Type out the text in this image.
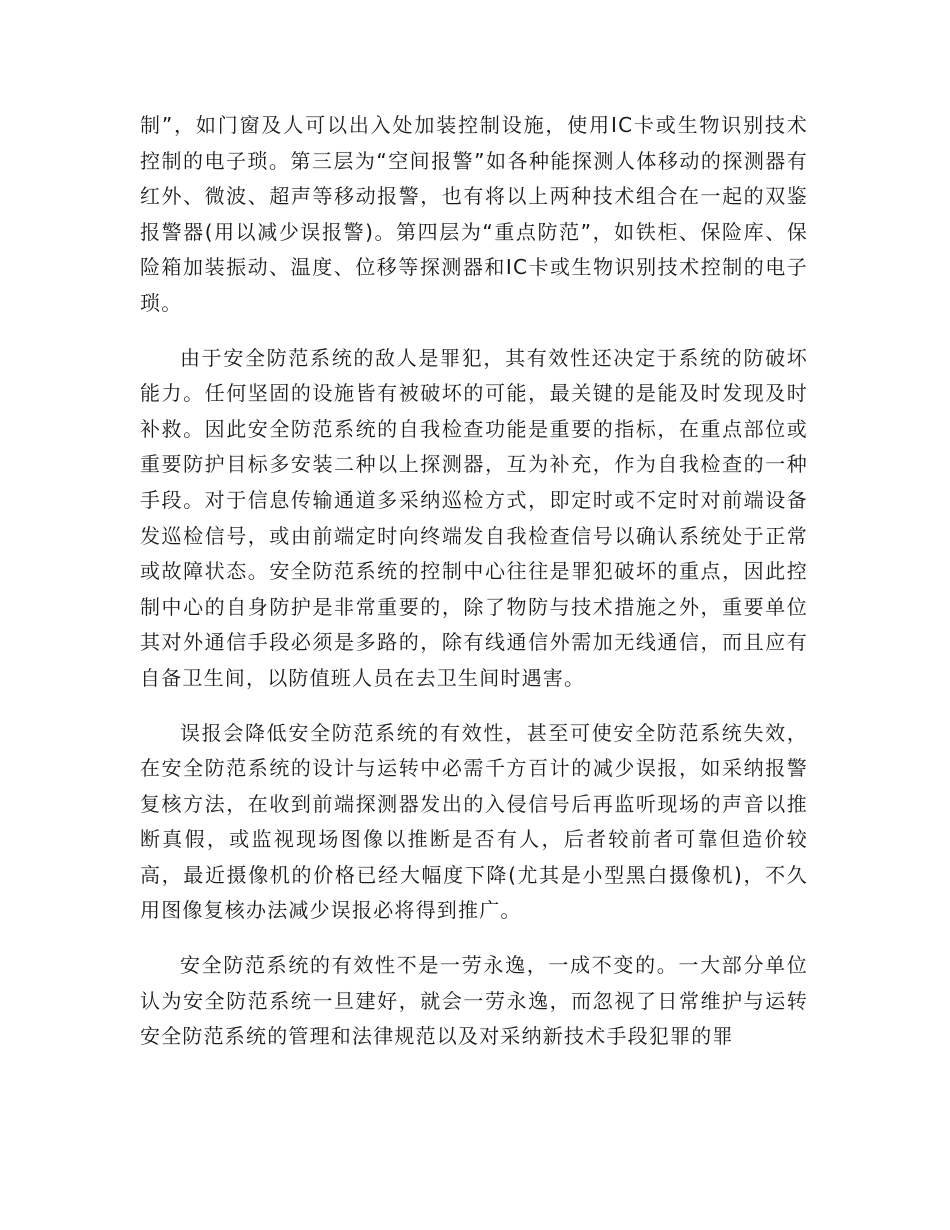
制”，如门窗及人可以出入处加装控制设施，使用IC卡或生物识别技术控制的电子琐。第三层为“空间报警”如各种能探测人体移动的探测器有红外、微波、超声等移动报警，也有将以上两种技术组合在一起的双鉴报警器(用以减少误报警)。第四层为“重点防范”，如铁柜、保险库、保险箱加装振动、温度、位移等探测器和IC卡或生物识别技术控制的电子琐。

由于安全防范系统的敌人是罪犯，其有效性还决定于系统的防破坏能力。任何坚固的设施皆有被破坏的可能，最关键的是能及时发现及时补救。因此安全防范系统的自我检查功能是重要的指标，在重点部位或重要防护目标多安装二种以上探测器，互为补充，作为自我检查的一种手段。对于信息传输通道多采纳巡检方式，即定时或不定时对前端设备发巡检信号，或由前端定时向终端发自我检查信号以确认系统处于正常或故障状态。安全防范系统的控制中心往往是罪犯破坏的重点，因此控制中心的自身防护是非常重要的，除了物防与技术措施之外，重要单位其对外通信手段必须是多路的，除有线通信外需加无线通信，而且应有自备卫生间，以防值班人员在去卫生间时遇害。

误报会降低安全防范系统的有效性，甚至可使安全防范系统失效，在安全防范系统的设计与运转中必需千方百计的减少误报，如采纳报警复核方法，在收到前端探测器发出的入侵信号后再监听现场的声音以推断真假，或监视现场图像以推断是否有人，后者较前者可靠但造价较高，最近摄像机的价格已经大幅度下降(尤其是小型黑白摄像机)，不久用图像复核办法减少误报必将得到推广。

安全防范系统的有效性不是一劳永逸，一成不变的。一大部分单位认为安全防范系统一旦建好，就会一劳永逸，而忽视了日常维护与运转安全防范系统的管理和法律规范以及对采纳新技术手段犯罪的罪
